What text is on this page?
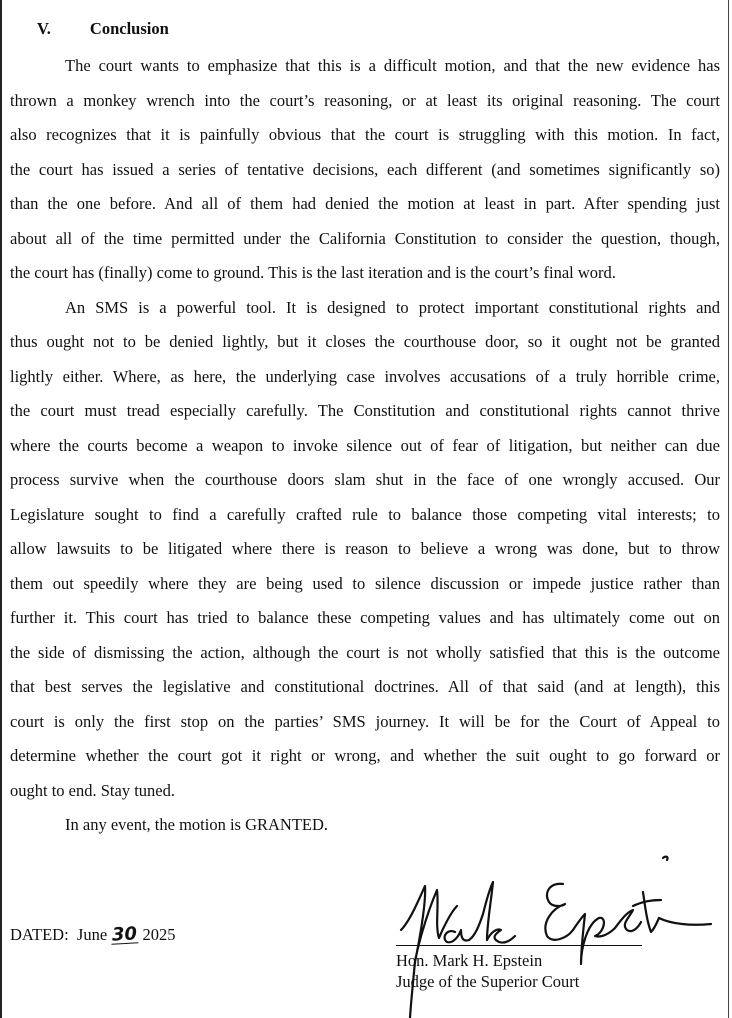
V. Conclusion
The court wants to emphasize that this is a difficult motion, and that the new evidence has
thrown a monkey wrench into the court’s reasoning, or at least its original reasoning. The court
also recognizes that it is painfully obvious that the court is struggling with this motion. In fact,
the court has issued a series of tentative decisions, each different (and sometimes significantly so)
than the one before. And all of them had denied the motion at least in part. After spending just
about all of the time permitted under the California Constitution to consider the question, though,
the court has (finally) come to ground. This is the last iteration and is the court’s final word.
An SMS is a powerful tool. It is designed to protect important constitutional rights and
thus ought not to be denied lightly, but it closes the courthouse door, so it ought not be granted
lightly either. Where, as here, the underlying case involves accusations of a truly horrible crime,
the court must tread especially carefully. The Constitution and constitutional rights cannot thrive
where the courts become a weapon to invoke silence out of fear of litigation, but neither can due
process survive when the courthouse doors slam shut in the face of one wrongly accused. Our
Legislature sought to find a carefully crafted rule to balance those competing vital interests; to
allow lawsuits to be litigated where there is reason to believe a wrong was done, but to throw
them out speedily where they are being used to silence discussion or impede justice rather than
further it. This court has tried to balance these competing values and has ultimately come out on
the side of dismissing the action, although the court is not wholly satisfied that this is the outcome
that best serves the legislative and constitutional doctrines. All of that said (and at length), this
court is only the first stop on the parties’ SMS journey. It will be for the Court of Appeal to
determine whether the court got it right or wrong, and whether the suit ought to go forward or
ought to end. Stay tuned.
In any event, the motion is GRANTED.
DATED: June 30 2025
Hon. Mark H. Epstein
Judge of the Superior Court
